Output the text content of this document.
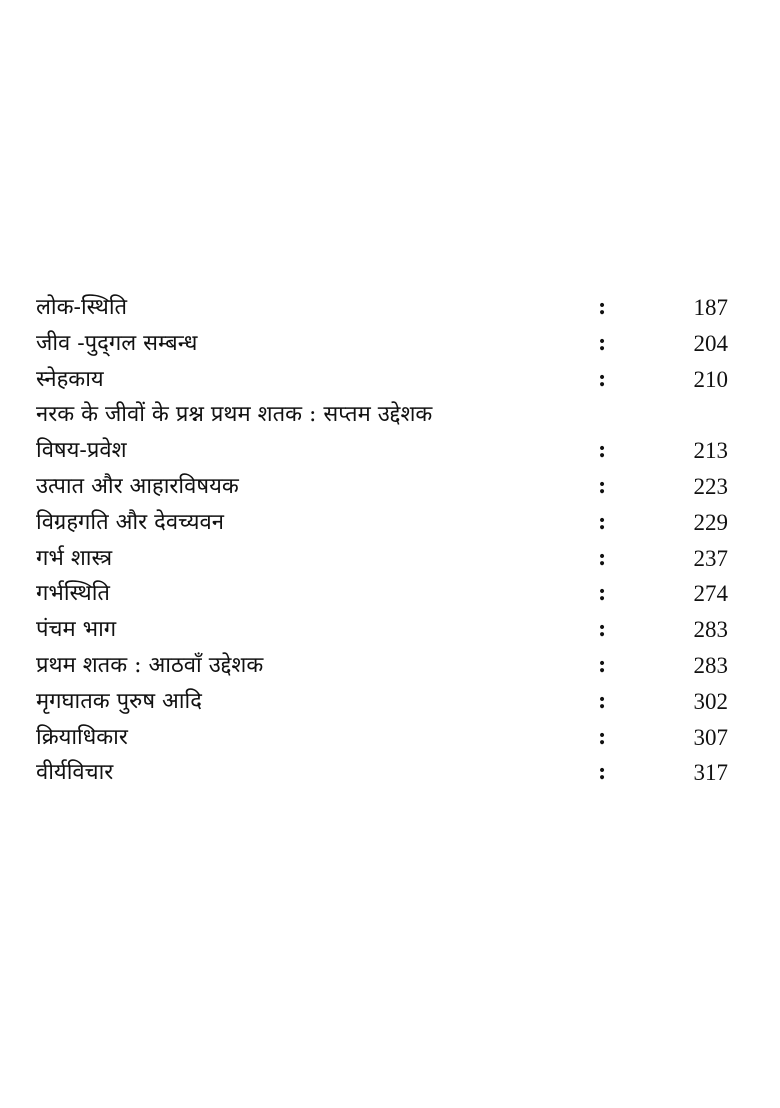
लोक-स्थिति	:	187
जीव -पुद्‌गल सम्बन्ध	:	204
स्नेहकाय	:	210
नरक के जीवों के प्रश्न प्रथम शतक : सप्तम उद्देशक
विषय-प्रवेश	:	213
उत्पात और आहारविषयक	:	223
विग्रहगति और देवच्यवन	:	229
गर्भ शास्त्र	:	237
गर्भस्थिति	:	274
पंचम भाग	:	283
प्रथम शतक : आठवाँ उद्देशक	:	283
मृगघातक पुरुष आदि	:	302
क्रियाधिकार	:	307
वीर्यविचार	:	317
